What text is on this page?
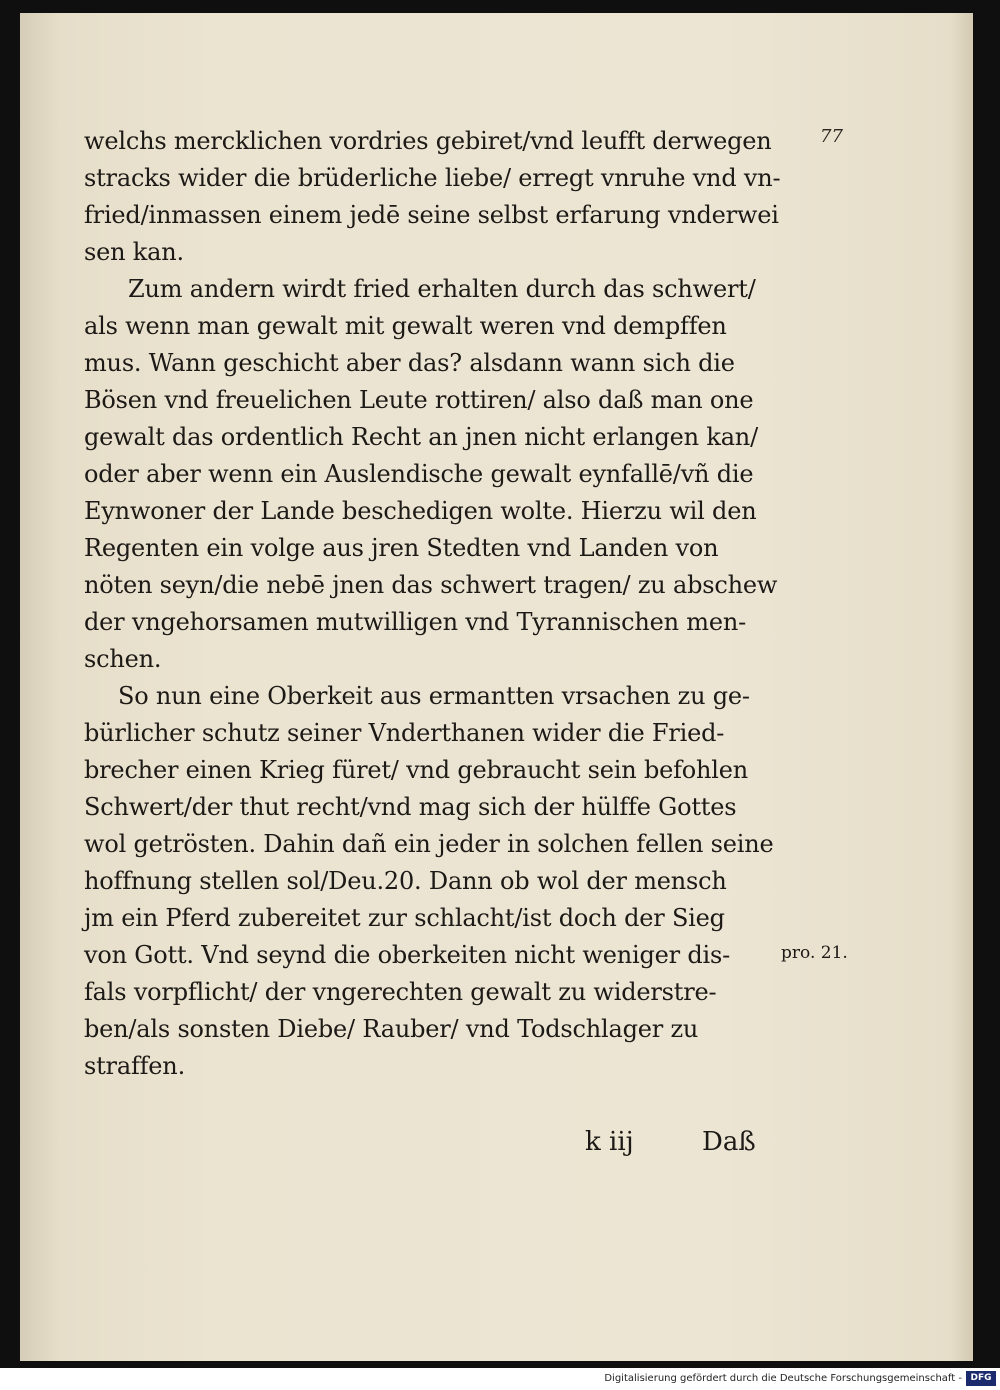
77
welchs mercklichen vordries gebiret/vnd leufft derwegen
stracks wider die brüderliche liebe/ erregt vnruhe vnd vn-
fried/inmassen einem jedē seine selbst erfarung vnderwei
sen kan.
Zum andern wirdt fried erhalten durch das schwert/
als wenn man gewalt mit gewalt weren vnd dempffen
mus. Wann geschicht aber das? alsdann wann sich die
Bösen vnd freuelichen Leute rottiren/ also daß man one
gewalt das ordentlich Recht an jnen nicht erlangen kan/
oder aber wenn ein Auslendische gewalt eynfallē/vñ die
Eynwoner der Lande beschedigen wolte. Hierzu wil den
Regenten ein volge aus jren Stedten vnd Landen von
nöten seyn/die nebē jnen das schwert tragen/ zu abschew
der vngehorsamen mutwilligen vnd Tyrannischen men-
schen.
So nun eine Oberkeit aus ermantten vrsachen zu ge-
bürlicher schutz seiner Vnderthanen wider die Fried-
brecher einen Krieg füret/ vnd gebraucht sein befohlen
Schwert/der thut recht/vnd mag sich der hülffe Gottes
wol getrösten. Dahin dañ ein jeder in solchen fellen seine
hoffnung stellen sol/Deu.20. Dann ob wol der mensch
jm ein Pferd zubereitet zur schlacht/ist doch der Sieg
von Gott. Vnd seynd die oberkeiten nicht weniger dis-
fals vorpflicht/ der vngerechten gewalt zu widerstre-
ben/als sonsten Diebe/ Rauber/ vnd Todschlager zu
straffen.
pro. 21.
k iij	Daß
Digitalisierung gefördert durch die Deutsche Forschungsgemeinschaft - DFG
